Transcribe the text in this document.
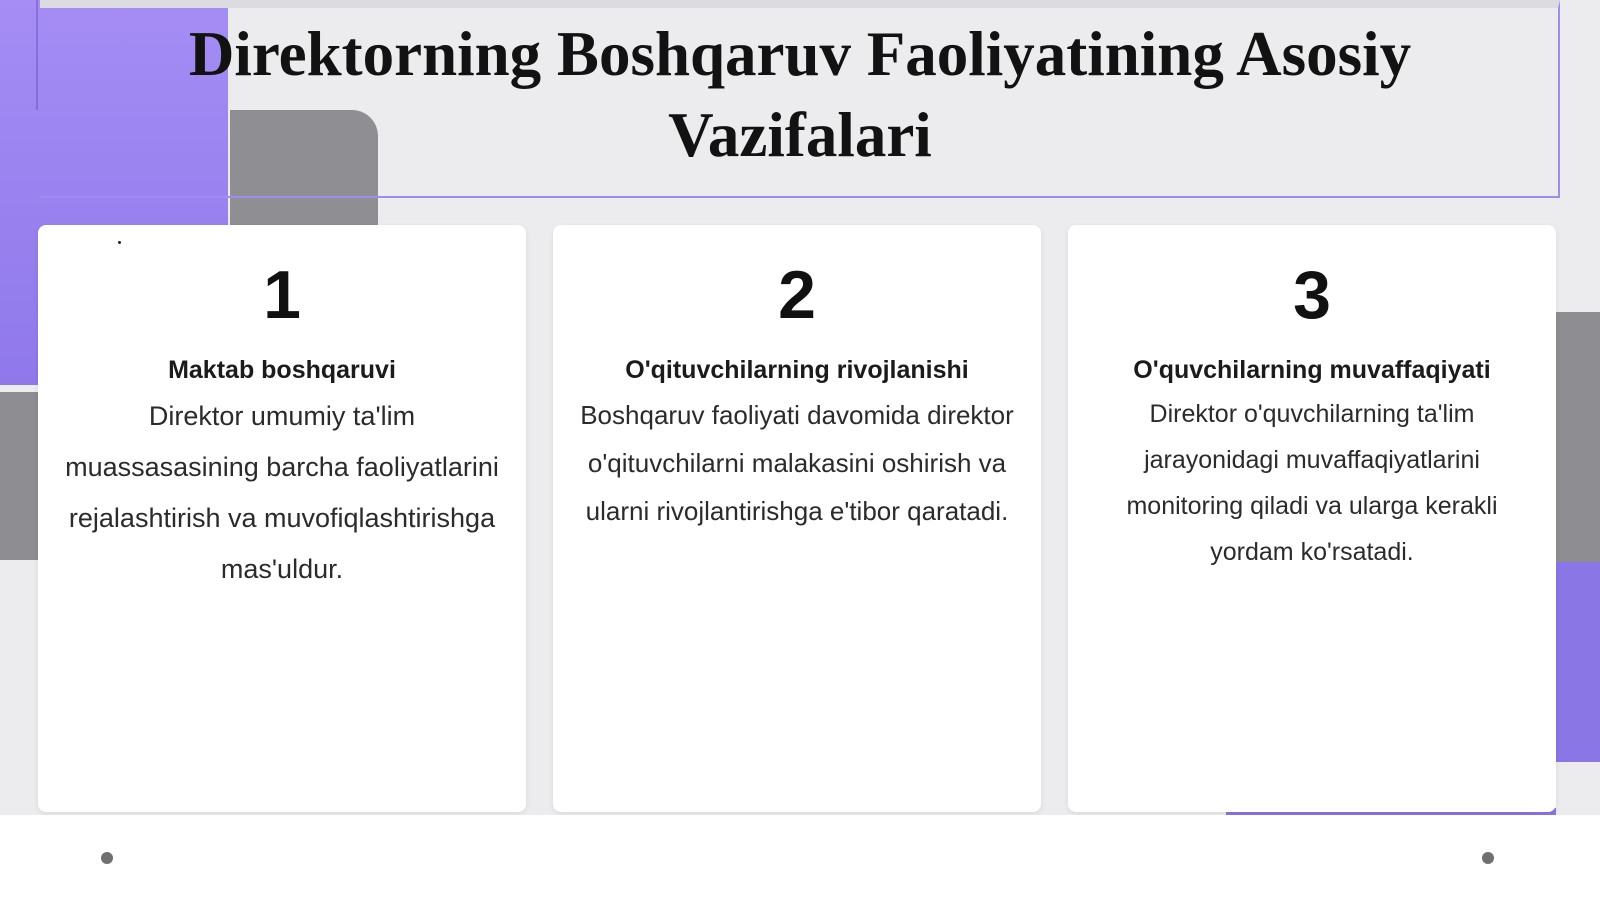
Direktorning Boshqaruv Faoliyatining Asosiy Vazifalari
1
Maktab boshqaruvi
Direktor umumiy ta'lim muassasasining barcha faoliyatlarini rejalashtirish va muvofiqlashtirishga mas'uldur.
2
O'qituvchilarning rivojlanishi
Boshqaruv faoliyati davomida direktor o'qituvchilarni malakasini oshirish va ularni rivojlantirishga e'tibor qaratadi.
3
O'quvchilarning muvaffaqiyati
Direktor o'quvchilarning ta'lim jarayonidagi muvaffaqiyatlarini monitoring qiladi va ularga kerakli yordam ko'rsatadi.
